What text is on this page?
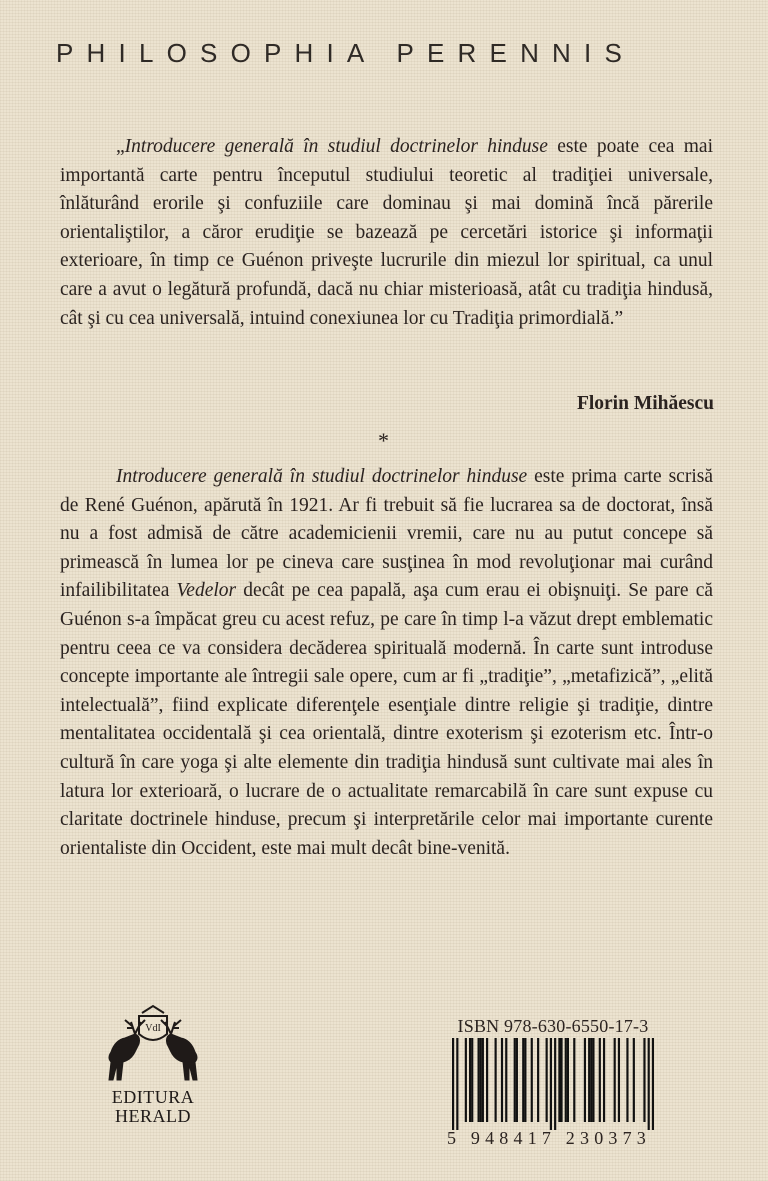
PHILOSOPHIA PERENNIS

„Introducere generală în studiul doctrinelor hinduse este poate cea mai importantă carte pentru începutul studiului teoretic al tradiţiei universale, înlăturând erorile şi confuziile care dominau şi mai domină încă părerile orientaliştilor, a căror erudiţie se bazează pe cercetări istorice şi informaţii exterioare, în timp ce Guénon priveşte lucrurile din miezul lor spiritual, ca unul care a avut o legătură profundă, dacă nu chiar misterioasă, atât cu tradiţia hindusă, cât şi cu cea universală, intuind conexiunea lor cu Tradiţia primordială.”

Florin Mihăescu
*

Introducere generală în studiul doctrinelor hinduse este prima carte scrisă de René Guénon, apărută în 1921. Ar fi trebuit să fie lucrarea sa de doctorat, însă nu a fost admisă de către academicienii vremii, care nu au putut concepe să primească în lumea lor pe cineva care susţinea în mod revoluţionar mai curând infailibilitatea Vedelor decât pe cea papală, aşa cum erau ei obişnuiţi. Se pare că Guénon s-a împăcat greu cu acest refuz, pe care în timp l-a văzut drept emblematic pentru ceea ce va considera decăderea spirituală modernă. În carte sunt introduse concepte importante ale întregii sale opere, cum ar fi „tradiţie”, „metafizică”, „elită intelectuală”, fiind explicate diferenţele esenţiale dintre religie şi tradiţie, dintre mentalitatea occidentală şi cea orientală, dintre exoterism şi ezoterism etc. Într-o cultură în care yoga şi alte elemente din tradiţia hindusă sunt cultivate mai ales în latura lor exterioară, o lucrare de o actualitate remarcabilă în care sunt expuse cu claritate doctrinele hinduse, precum şi interpretările celor mai importante curente orientaliste din Occident, este mai mult decât bine-venită.

VdI
EDITURA
HERALD
ISBN 978-630-6550-17-3
5 948417 230373
